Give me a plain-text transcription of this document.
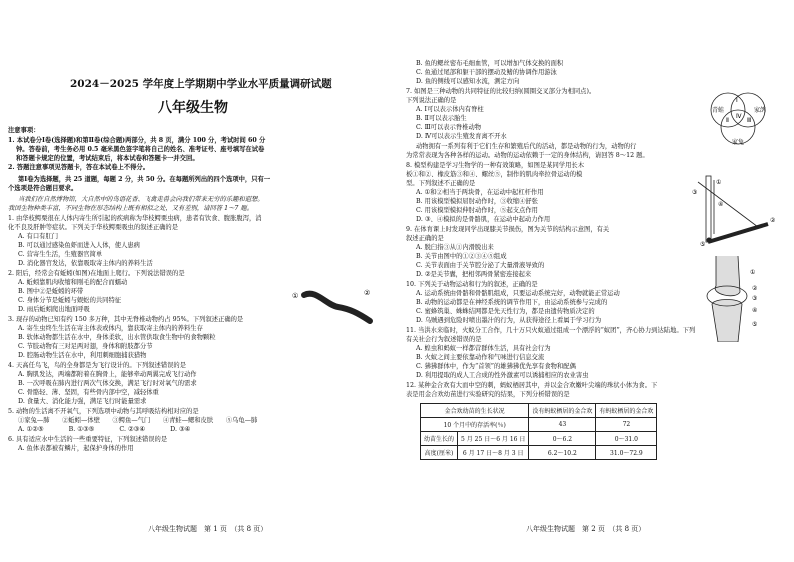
2024－2025 学年度上学期期中学业水平质量调研试题
八年级生物
注意事项：
1. 本试卷分Ⅰ卷(选择题)和第Ⅱ卷(综合题)两部分，共 8 页，满分 100 分，考试时间 60 分
钟。答卷前，考生务必用 0.5 毫米黑色签字笔将自己的姓名、准考证号、座号填写在试卷
和答题卡规定的位置，考试结束后，将本试卷和答题卡一并交回。
2. 答题注意事项见答题卡，答在本试卷上不得分。
第Ⅰ卷为选择题，共 25 道题，每题 2 分，共 50 分。在每题所列出的四个选项中，只有一
个选项是符合题目要求。
当我们在自然博物馆，大自然中的鸟语花香、飞禽走兽会向我们带来无穷的乐趣和遐想。
我国生物种类丰富，不同生物在形态结构上既有相似之处，又有差别，请回答 1～7 题。
1. 由华枝鳄栗很在人体内寄生所引起的疾病称为华枝鳄栗虫病，患者有饮食、腹胀腹泻，消
化不良及肝肿等症状。下列关于华枝鳄栗吸虫的叙述正确的是
A. 有口有肛门
B. 可以通过感染鱼虾而进入人体，使人患病
C. 营寄生生活，生殖器官简单
D. 消化器官发达，依靠吸取寄主体内的养料生活
2. 阳后，经常会有蚯蚓(如图)在地面上爬行。下列说法错误的是
A. 蚯蚓靠肌肉收缩和刚毛的配合而蠕动
B. 图中②是蚯蚓的环带
C. 身体分节是蚯蚓与蜈蚣的共同特征
D. 雨后蚯蚓爬出地面呼吸
3. 现存的动物已知有约 150 多万种，其中无脊椎动物约占 95%。下列叙述正确的是
A. 寄生虫终生生活在寄主体表或体内，靠获取寄主体内的养料生存
B. 软体动物都生活在水中，身体柔软，出水管供取食生物中的食物颗粒
C. 节肢动物有三对足两对翅，身体和附肢都分节
D. 腔肠动物生活在水中，利用刺细胞捕获猎物
4. 天高任鸟飞，鸟的全身都是为飞行设计的。下列叙述错误的是
A. 胸肌发达，两端都附着在胸骨上，能够牵动两翼完成飞行动作
B. 一次呼吸在肺内进行两次气体交换，满足飞行时对氧气的需求
C. 骨骼轻、薄、坚固，有些骨内部中空，减轻体重
D. 食量大、消化能力强，满足飞行时能量需求
5. 动物的生活离不开氧气，下列选项中动物与其呼吸结构相对应的是
①家兔—肺　　②蚯蚓—体壁　　③鳄鱼—气门　　④青蛙—鳃和皮肤　　⑤乌龟—肺
A. ①②⑤　　　　B. ①③⑤　　　　C. ②③④　　　　D. ③④
6. 具有适应水中生活的一些重要特征，下列叙述错误的是
A. 鱼体表都被有鳞片，起保护身体的作用
八年级生物试题　第 1 页　（共 8 页）
①	②
B. 鱼的鳃丝密布毛细血管，可以增加气体交换的面积
C. 鱼通过尾部和躯干部的摆动及鳍的协调作用游泳
D. 鱼的侧线可以感知水流，测定方向
7. 如图是三种动物的共同特征的比较归纳(圆圈交叉部分为相同点)。
下列说法正确的是
A. Ⅰ可以表示体内有脊柱
B. Ⅱ可以表示胎生
C. Ⅲ可以表示脊椎动物
D. Ⅳ可以表示生殖发育离不开水
动物拥有一系列有利于它们生存和繁殖后代的活动，都是动物的行为，动物的行
为常常表现为各种各样的运动。动物的运动依赖于一定的身体结构，请回答 8～12 题。
8. 模型构建是学习生物学的一种有效策略，如图是某同学用长木
板①和②、橡皮筋③和④、螺丝⑤，制作的肌肉牵拉骨运动的模
型。下列叙述不正确的是
A. ①和②相当于两块骨，在运动中起杠杆作用
B. 用该模型模拟屈肘动作时，③收缩④舒张
C. 用该模型模拟伸肘动作时，⑤起支点作用
D. ③、④模拟的是骨骼肌，在运动中起动力作用
9. 在体育课上时发现同学出现膝关节损伤，图为关节的结构示意图，有关
叙述正确的是
A. 脱臼指③从①内滑脱出来
B. 关节由图中的①②③④⑤组成
C. 关节表面由于关节腔分泌了大量滑液导致的
D. ②是关节囊，把相邻两骨紧密连接起来
10. 下列关于动物运动和行为的叙述，正确的是
A. 运动系统由骨骼和骨骼肌组成，只要运动系统完好，动物就能正常运动
B. 动物的运动都是在神经系统的调节作用下，由运动系统参与完成的
C. 蜜蜂筑巢、蛛蛛结网都是先天性行为，都是由遗传物质决定的
D. 乌贼遇到危险时喷出墨汁的行为，从获得途径上看属于学习行为
11. 当洪水来临时，火蚁分工合作，几十万只火蚁通过组成一个漂浮的“蚁团”，齐心协力到达陆地。下列
有关社会行为叙述错误的是
A. 蝗虫和蚂蚁一样都营群体生活，具有社会行为
B. 火蚁之间主要依靠动作和气味进行信息交流
C. 狒狒群体中，作为“首领”的雄狒狒优先享有食物和配偶
D. 利用提取的成人工合成的性外激素可以诱捕相应的农业害虫
12. 某种金合欢有大而中空的刺，蚂蚁栖居其中，并以金合欢嫩叶尖端的珠状小体为食。下
表是用金合欢幼苗进行实验研究的结果，下列分析错误的是
金合欢幼苗的生长状况		没有蚂蚁栖居的金合欢	有蚂蚁栖居的金合欢
10 个月中的存活率(％)		43	72
幼苗生长的	5 月 25 日～6 月 16 日	0～6.2	0～31.0
高度(厘米)	6 月 17 日～8 月 3 日	6.2～10.2	31.0～72.9
八年级生物试题　第 2 页　（共 8 页）
青蛙	家鸽
家兔
Ⅰ
Ⅱ	Ⅲ
Ⅳ
①
②
③
④
⑤
①
②
③
④
⑤
